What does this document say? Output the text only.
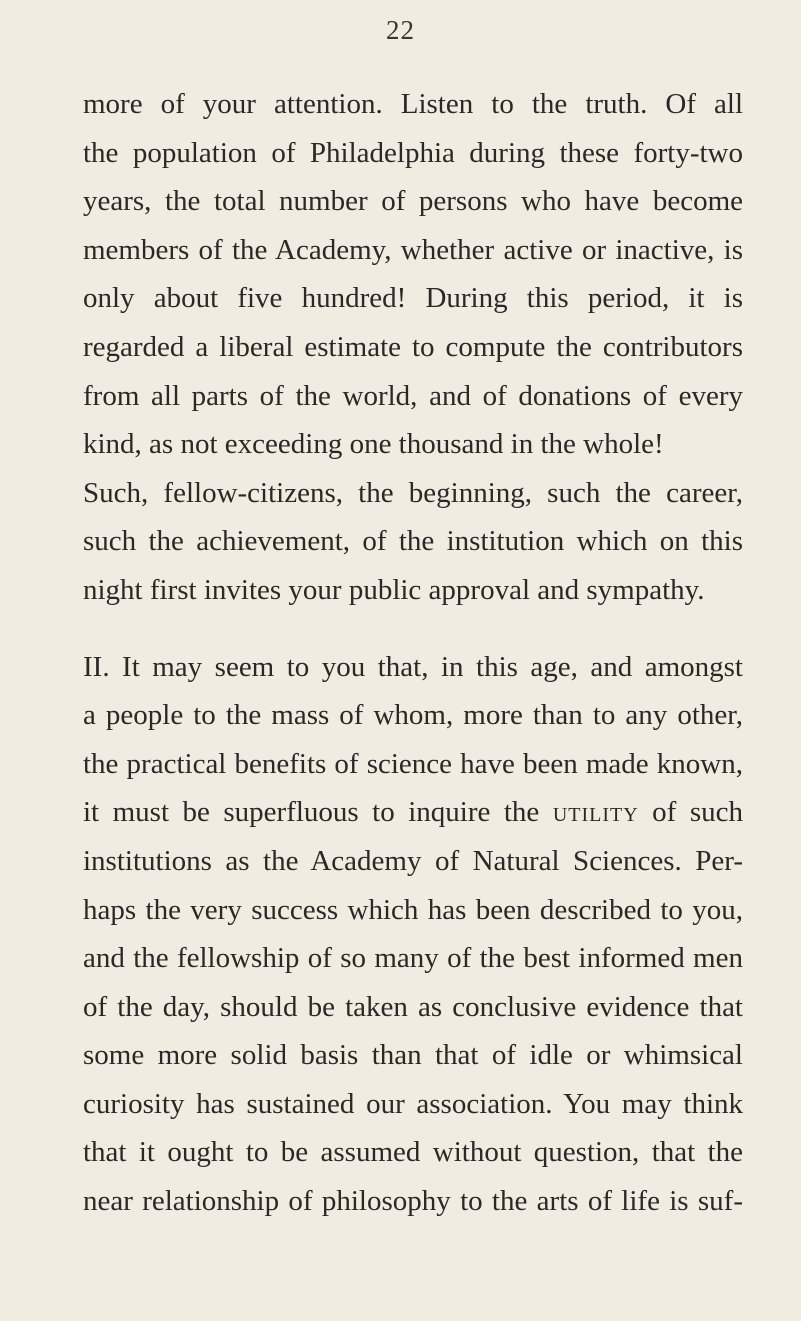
22
more of your attention. Listen to the truth. Of all
the population of Philadelphia during these forty-two
years, the total number of persons who have become
members of the Academy, whether active or inactive, is
only about five hundred! During this period, it is
regarded a liberal estimate to compute the contributors
from all parts of the world, and of donations of every
kind, as not exceeding one thousand in the whole!
Such, fellow-citizens, the beginning, such the career,
such the achievement, of the institution which on this
night first invites your public approval and sympathy.
II. It may seem to you that, in this age, and amongst
a people to the mass of whom, more than to any other,
the practical benefits of science have been made known,
it must be superfluous to inquire the utility of such
institutions as the Academy of Natural Sciences. Per-
haps the very success which has been described to you,
and the fellowship of so many of the best informed men
of the day, should be taken as conclusive evidence that
some more solid basis than that of idle or whimsical
curiosity has sustained our association. You may think
that it ought to be assumed without question, that the
near relationship of philosophy to the arts of life is suf-
